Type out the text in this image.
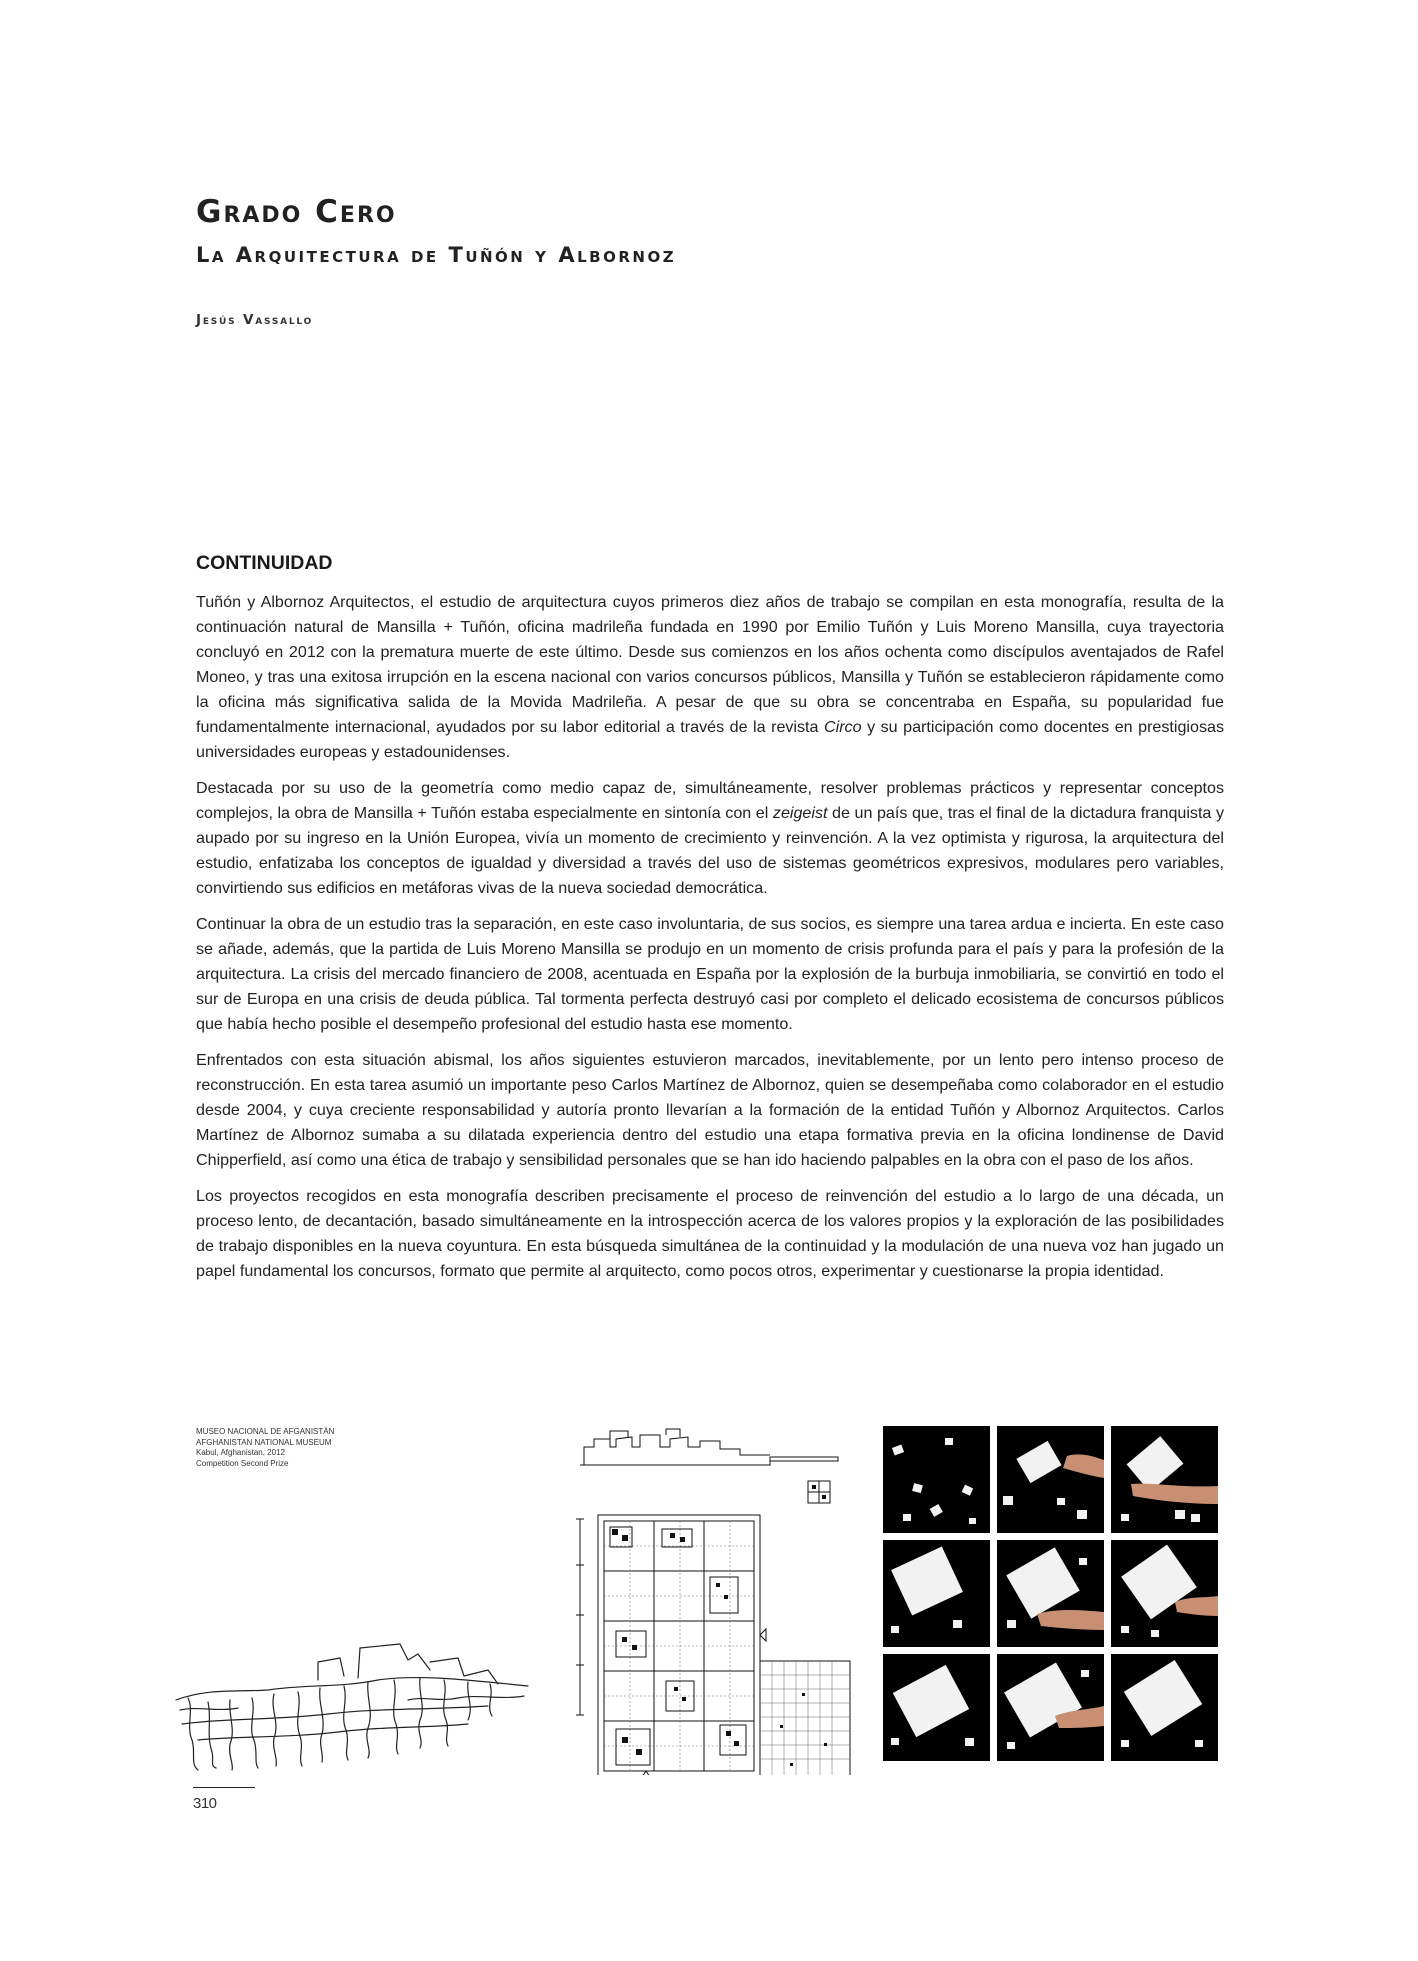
Grado Cero
La Arquitectura de Tuñón y Albornoz
Jesús Vassallo
CONTINUIDAD

Tuñón y Albornoz Arquitectos, el estudio de arquitectura cuyos primeros diez años de trabajo se compilan en esta monografía, resulta de la continuación natural de Mansilla + Tuñón, oficina madrileña fundada en 1990 por Emilio Tuñón y Luis Moreno Mansilla, cuya trayectoria concluyó en 2012 con la prematura muerte de este último. Desde sus comienzos en los años ochenta como discípulos aventajados de Rafel Moneo, y tras una exitosa irrupción en la escena nacional con varios concursos públicos, Mansilla y Tuñón se establecieron rápidamente como la oficina más significativa salida de la Movida Madrileña. A pesar de que su obra se concentraba en España, su popularidad fue fundamentalmente internacional, ayudados por su labor editorial a través de la revista Circo y su participación como docentes en prestigiosas universidades europeas y estadounidenses.

Destacada por su uso de la geometría como medio capaz de, simultáneamente, resolver problemas prácticos y representar conceptos complejos, la obra de Mansilla + Tuñón estaba especialmente en sintonía con el zeigeist de un país que, tras el final de la dictadura franquista y aupado por su ingreso en la Unión Europea, vivía un momento de crecimiento y reinvención. A la vez optimista y rigurosa, la arquitectura del estudio, enfatizaba los conceptos de igualdad y diversidad a través del uso de sistemas geométricos expresivos, modulares pero variables, convirtiendo sus edificios en metáforas vivas de la nueva sociedad democrática.

Continuar la obra de un estudio tras la separación, en este caso involuntaria, de sus socios, es siempre una tarea ardua e incierta. En este caso se añade, además, que la partida de Luis Moreno Mansilla se produjo en un momento de crisis profunda para el país y para la profesión de la arquitectura. La crisis del mercado financiero de 2008, acentuada en España por la explosión de la burbuja inmobiliaria, se convirtió en todo el sur de Europa en una crisis de deuda pública. Tal tormenta perfecta destruyó casi por completo el delicado ecosistema de concursos públicos que había hecho posible el desempeño profesional del estudio hasta ese momento.

Enfrentados con esta situación abismal, los años siguientes estuvieron marcados, inevitablemente, por un lento pero intenso proceso de reconstrucción. En esta tarea asumió un importante peso Carlos Martínez de Albornoz, quien se desempeñaba como colaborador en el estudio desde 2004, y cuya creciente responsabilidad y autoría pronto llevarían a la formación de la entidad Tuñón y Albornoz Arquitectos. Carlos Martínez de Albornoz sumaba a su dilatada experiencia dentro del estudio una etapa formativa previa en la oficina londinense de David Chipperfield, así como una ética de trabajo y sensibilidad personales que se han ido haciendo palpables en la obra con el paso de los años.

Los proyectos recogidos en esta monografía describen precisamente el proceso de reinvención del estudio a lo largo de una década, un proceso lento, de decantación, basado simultáneamente en la introspección acerca de los valores propios y la exploración de las posibilidades de trabajo disponibles en la nueva coyuntura. En esta búsqueda simultánea de la continuidad y la modulación de una nueva voz han jugado un papel fundamental los concursos, formato que permite al arquitecto, como pocos otros, experimentar y cuestionarse la propia identidad.

MUSEO NACIONAL DE AFGANISTÁN
AFGHANISTAN NATIONAL MUSEUM
Kabul, Afghanistan, 2012
Competition Second Prize
310
